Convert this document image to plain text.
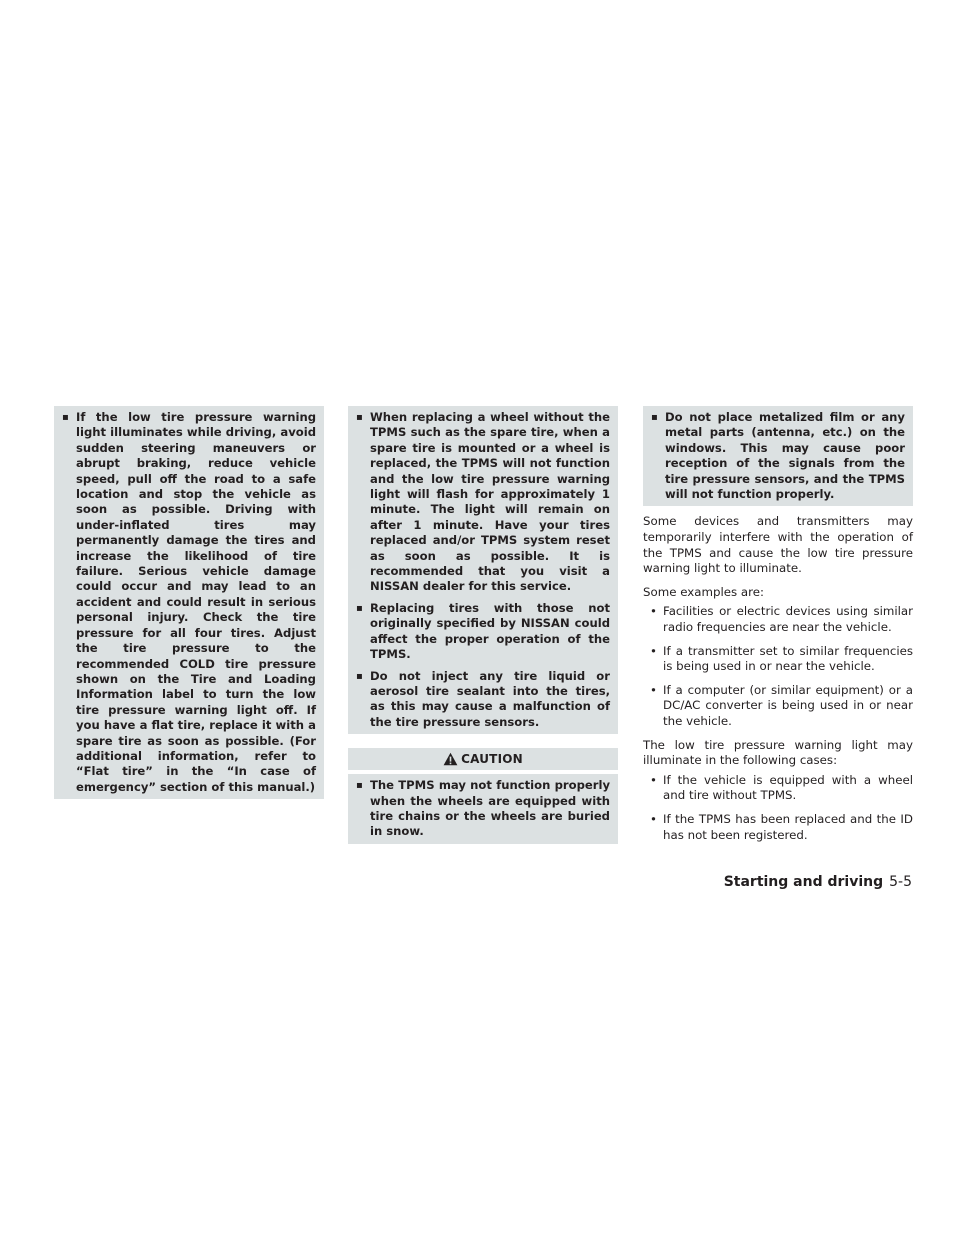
▪ If the low tire pressure warning light illuminates while driving, avoid sudden steering maneuvers or abrupt braking, reduce vehicle speed, pull off the road to a safe location and stop the vehicle as soon as possible. Driving with under-inflated tires may permanently damage the tires and increase the likelihood of tire failure. Serious vehicle damage could occur and may lead to an accident and could result in serious personal injury. Check the tire pressure for all four tires. Adjust the tire pressure to the recommended COLD tire pressure shown on the Tire and Loading Information label to turn the low tire pressure warning light off. If you have a flat tire, replace it with a spare tire as soon as possible. (For additional information, refer to “Flat tire” in the “In case of emergency” section of this manual.)
▪ When replacing a wheel without the TPMS such as the spare tire, when a spare tire is mounted or a wheel is replaced, the TPMS will not function and the low tire pressure warning light will flash for approximately 1 minute. The light will remain on after 1 minute. Have your tires replaced and/or TPMS system reset as soon as possible. It is recommended that you visit a NISSAN dealer for this service.
▪ Replacing tires with those not originally specified by NISSAN could affect the proper operation of the TPMS.
▪ Do not inject any tire liquid or aerosol tire sealant into the tires, as this may cause a malfunction of the tire pressure sensors.
CAUTION
▪ The TPMS may not function properly when the wheels are equipped with tire chains or the wheels are buried in snow.
▪ Do not place metalized film or any metal parts (antenna, etc.) on the windows. This may cause poor reception of the signals from the tire pressure sensors, and the TPMS will not function properly.

Some devices and transmitters may temporarily interfere with the operation of the TPMS and cause the low tire pressure warning light to illuminate.

Some examples are:

• Facilities or electric devices using similar radio frequencies are near the vehicle.
• If a transmitter set to similar frequencies is being used in or near the vehicle.
• If a computer (or similar equipment) or a DC/AC converter is being used in or near the vehicle.

The low tire pressure warning light may illuminate in the following cases:

• If the vehicle is equipped with a wheel and tire without TPMS.
• If the TPMS has been replaced and the ID has not been registered.
Starting and driving 5-5
